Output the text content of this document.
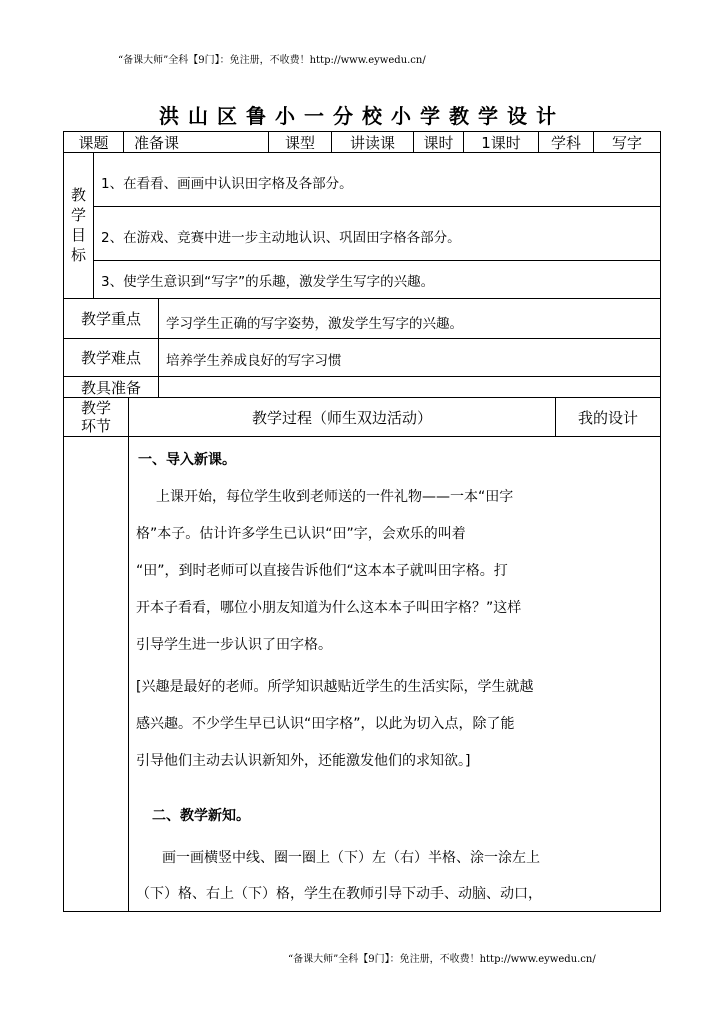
“备课大师”全科【9门】：免注册，不收费！http://www.eywedu.cn/
洪山区鲁小一分校小学教学设计
课题	准备课	课型	讲读课	课时	1课时	学科	写字
教学目标
1、在看看、画画中认识田字格及各部分。
2、在游戏、竞赛中进一步主动地认识、巩固田字格各部分。
3、使学生意识到“写字”的乐趣，激发学生写字的兴趣。
教学重点	学习学生正确的写字姿势，激发学生写字的兴趣。
教学难点	培养学生养成良好的写字习惯
教具准备
教学环节	教学过程（师生双边活动）	我的设计
一、导入新课。
上课开始，每位学生收到老师送的一件礼物——一本“田字
格”本子。估计许多学生已认识“田”字，会欢乐的叫着
“田”，到时老师可以直接告诉他们“这本本子就叫田字格。打
开本子看看，哪位小朋友知道为什么这本本子叫田字格？”这样
引导学生进一步认识了田字格。
[兴趣是最好的老师。所学知识越贴近学生的生活实际，学生就越
感兴趣。不少学生早已认识“田字格”，以此为切入点，除了能
引导他们主动去认识新知外，还能激发他们的求知欲。]
二、教学新知。
画一画横竖中线、圈一圈上（下）左（右）半格、涂一涂左上
（下）格、右上（下）格，学生在教师引导下动手、动脑、动口，
“备课大师”全科【9门】：免注册，不收费！http://www.eywedu.cn/
